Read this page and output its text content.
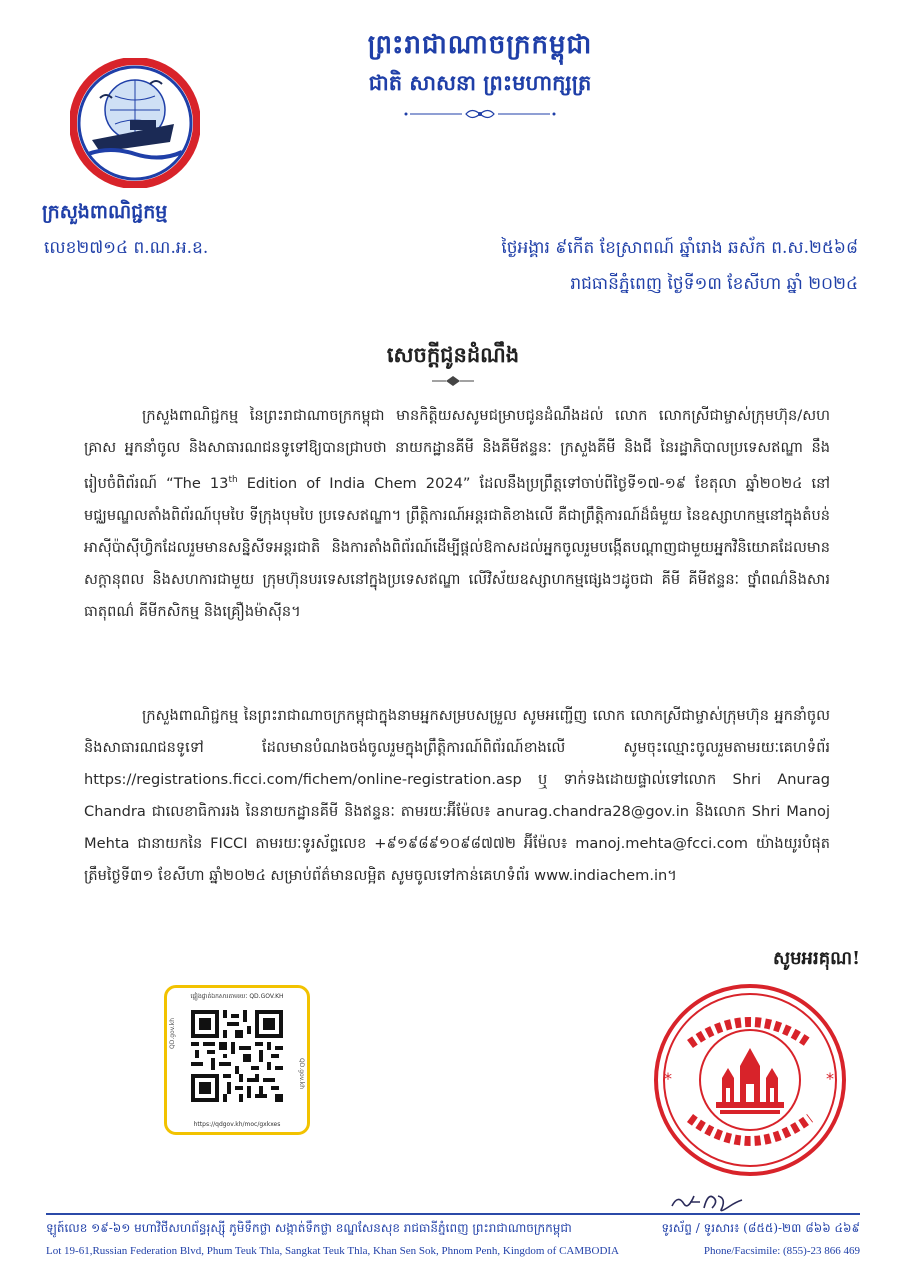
ព្រះរាជាណាចក្រកម្ពុជា
ជាតិ សាសនា ព្រះមហាក្សត្រ
ក្រសួងពាណិជ្ជកម្ម
លេខ២៧១៤ ព.ណ.អ.ឧ.	ថ្ងៃអង្គារ ៩កើត ខែស្រាពណ៍ ឆ្នាំរោង ឆស័ក ព.ស.២៥៦៨
រាជធានីភ្នំពេញ ថ្ងៃទី១៣ ខែសីហា ឆ្នាំ ២០២៤
សេចក្តីជូនដំណឹង
ក្រសួងពាណិជ្ជកម្ម នៃព្រះរាជាណាចក្រកម្ពុជា មានកិត្តិយសសូមជម្រាបជូនដំណឹងដល់ លោក លោកស្រីជាម្ចាស់ក្រុមហ៊ុន/សហគ្រាស អ្នកនាំចូល និងសាធារណជនទូទៅឱ្យបានជ្រាបថា នាយកដ្ឋានគីមី និងគីមីឥន្ទនៈ ក្រសួងគីមី និងជី នៃរដ្ឋាភិបាលប្រទេសឥណ្ឌា នឹងរៀបចំពិព័រណ៍ “The 13th Edition of India Chem 2024” ដែលនឹងប្រព្រឹត្តទៅចាប់ពីថ្ងៃទី១៧-១៩ ខែតុលា ឆ្នាំ២០២៤ នៅមជ្ឈមណ្ឌលតាំងពិព័រណ៍បុមបៃ ទីក្រុងបុមបៃ ប្រទេសឥណ្ឌា។ ព្រឹត្តិការណ៍អន្តរជាតិខាងលើ គឺជាព្រឹត្តិការណ៍ដ៏ធំមួយ នៃឧស្សាហកម្មនៅក្នុងតំបន់អាស៊ីប៉ាស៊ីហ្វិកដែលរួមមានសន្និសីទអន្តរជាតិ និងការតាំងពិព័រណ៍ដើម្បីផ្តល់ឱកាសដល់អ្នកចូលរួមបង្កើតបណ្តាញជាមួយអ្នកវិនិយោគដែលមានសក្តានុពល និងសហការជាមួយ ក្រុមហ៊ុនបរទេសនៅក្នុងប្រទេសឥណ្ឌា លើវិស័យឧស្សាហកម្មផ្សេងៗដូចជា គីមី គីមីឥន្ទនៈ ថ្នាំពណ៌និងសារធាតុពណ៌ គីមីកសិកម្ម និងគ្រឿងម៉ាស៊ីន។
ក្រសួងពាណិជ្ជកម្ម នៃព្រះរាជាណាចក្រកម្ពុជាក្នុងនាមអ្នកសម្របសម្រួល សូមអញ្ជើញ លោក លោកស្រីជាម្ចាស់ក្រុមហ៊ុន អ្នកនាំចូល និងសាធារណជនទូទៅ ដែលមានបំណងចង់ចូលរួមក្នុងព្រឹត្តិការណ៍ពិព័រណ៍ខាងលើ សូមចុះឈ្មោះចូលរួមតាមរយៈគេហទំព័រ https://registrations.ficci.com/fichem/online-registration.asp ឬ ទាក់ទងដោយផ្ទាល់ទៅលោក Shri Anurag Chandra ជាលេខាធិការរង នៃនាយកដ្ឋានគីមី និងឥន្ទនៈ តាមរយៈអ៊ីម៉ែល៖ anurag.chandra28@gov.in និងលោក Shri Manoj Mehta ជានាយកនៃ FICCI តាមរយៈទូរស័ព្ទលេខ +៩១៩៨៩១០៩៨៧៧២ អ៊ីម៉ែល៖ manoj.mehta@fcci.com យ៉ាងយូរបំផុតត្រឹមថ្ងៃទី៣១ ខែសីហា ឆ្នាំ២០២៤ សម្រាប់ព័ត៌មានលម្អិត សូមចូលទៅកាន់គេហទំព័រ www.indiachem.in។
សូមអរគុណ!
ផ្ទៀងផ្ទាត់ឯកសារតាមរយៈ QD.GOV.KH
QD.gov.kh
QD.gov.kh
https://qdgov.kh/moc/gxkxes
*	*
ឡូត៍លេខ ១៩-៦១ មហាវិថីសហព័ន្ធរុស្ស៊ី ភូមិទឹកថ្លា សង្កាត់ទឹកថ្លា ខណ្ឌសែនសុខ រាជធានីភ្នំពេញ ព្រះរាជាណាចក្រកម្ពុជា	ទូរស័ព្ទ / ទូរសារ៖ (៨៥៥)-២៣ ៨៦៦ ៤៦៩
Lot 19-61,Russian Federation Blvd, Phum Teuk Thla, Sangkat Teuk Thla, Khan Sen Sok, Phnom Penh, Kingdom of CAMBODIA	Phone/Facsimile: (855)-23 866 469
